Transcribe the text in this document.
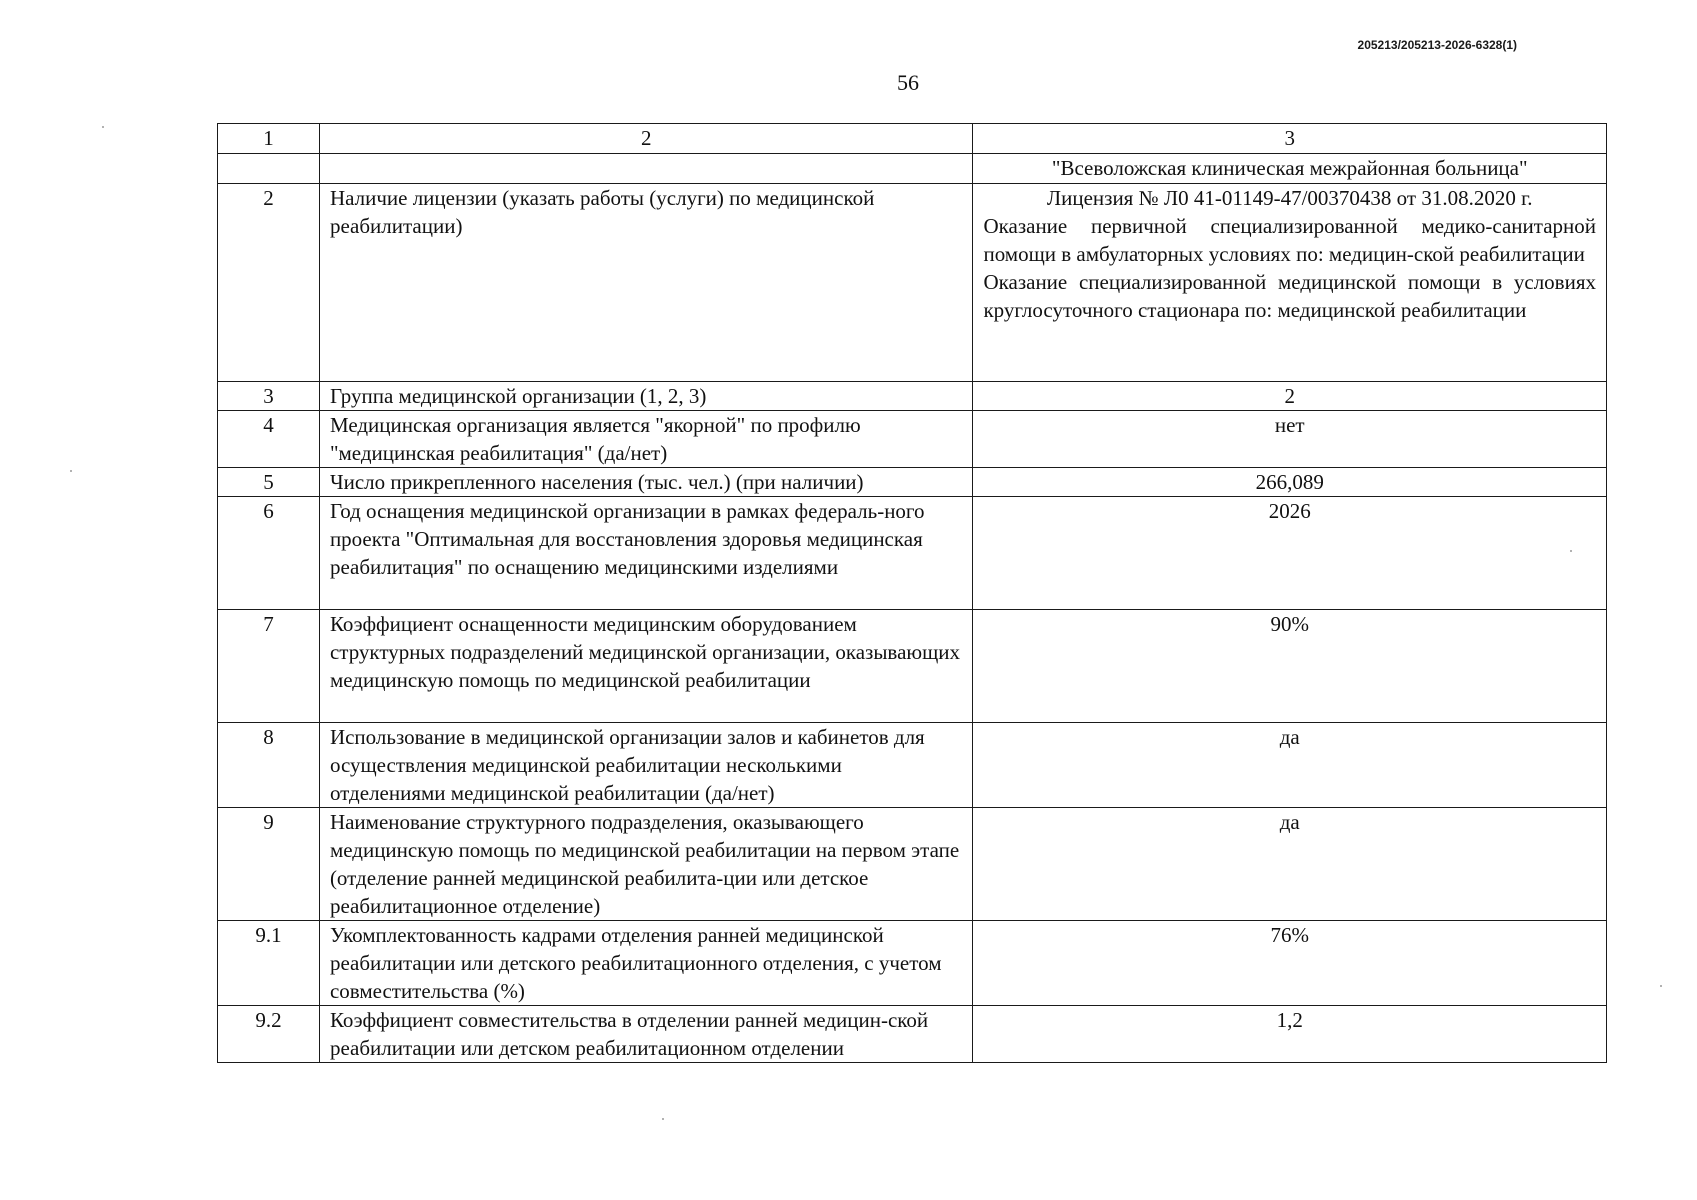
205213/205213-2026-6328(1)
56
1	2	3
		"Всеволожская клиническая межрайонная больница"
2	Наличие лицензии (указать работы (услуги) по медицинской реабилитации)	Лицензия № Л0 41-01149-47/00370438 от 31.08.2020 г.
Оказание первичной специализированной медико-санитарной помощи в амбулаторных условиях по: медицин-ской реабилитации
Оказание специализированной медицинской помощи в условиях круглосуточного стационара по: медицинской реабилитации

3	Группа медицинской организации (1, 2, 3)	2
4	Медицинская организация является "якорной" по профилю "медицинская реабилитация" (да/нет)	нет
5	Число прикрепленного населения (тыс. чел.) (при наличии)	266,089
6	Год оснащения медицинской организации в рамках федераль-ного проекта "Оптимальная для восстановления здоровья медицинская реабилитация" по оснащению медицинскими изделиями	2026
7	Коэффициент оснащенности медицинским оборудованием структурных подразделений медицинской организации, оказывающих медицинскую помощь по медицинской реабилитации	90%
8	Использование в медицинской организации залов и кабинетов для осуществления медицинской реабилитации несколькими отделениями медицинской реабилитации (да/нет)	да
9	Наименование структурного подразделения, оказывающего медицинскую помощь по медицинской реабилитации на первом этапе (отделение ранней медицинской реабилита-ции или детское реабилитационное отделение)	да
9.1	Укомплектованность кадрами отделения ранней медицинской реабилитации или детского реабилитационного отделения, с учетом совместительства (%)	76%
9.2	Коэффициент совместительства в отделении ранней медицин-ской реабилитации или детском реабилитационном отделении	1,2
